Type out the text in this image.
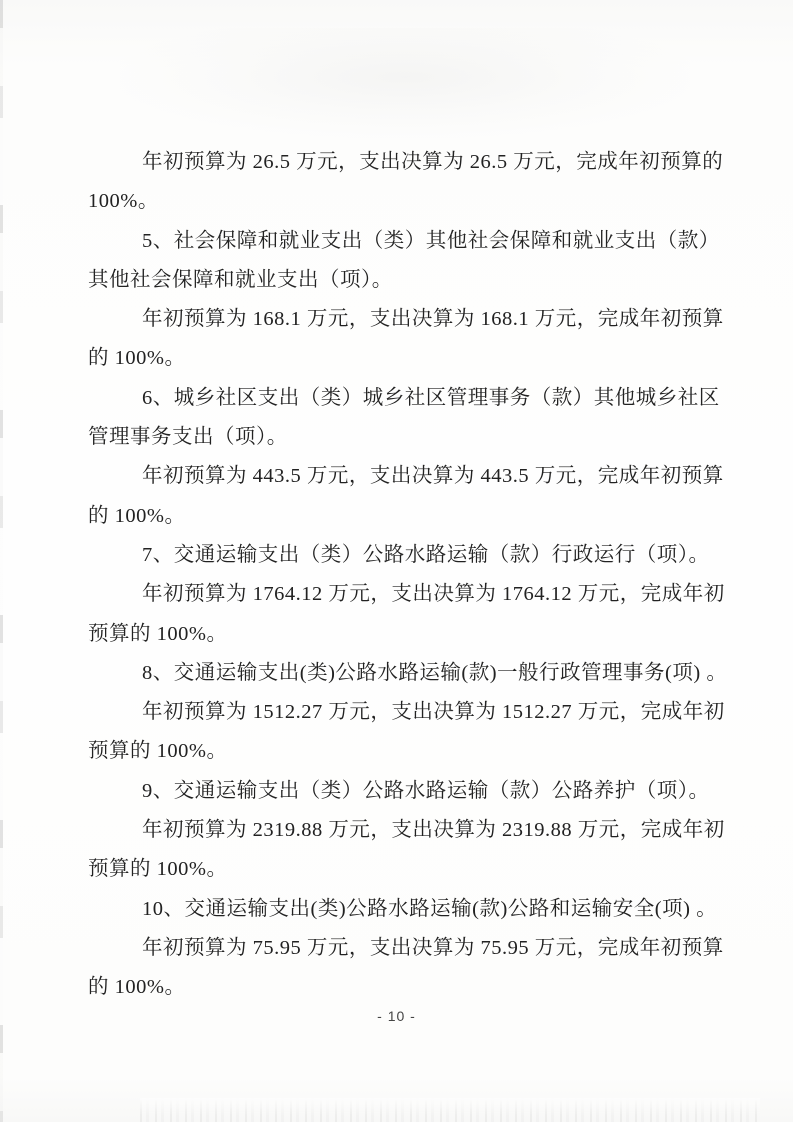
年初预算为 26.5 万元，支出决算为 26.5 万元，完成年初预算的
100%。
5、社会保障和就业支出（类）其他社会保障和就业支出（款）
其他社会保障和就业支出（项）。
年初预算为 168.1 万元，支出决算为 168.1 万元，完成年初预算
的 100%。
6、城乡社区支出（类）城乡社区管理事务（款）其他城乡社区
管理事务支出（项）。
年初预算为 443.5 万元，支出决算为 443.5 万元，完成年初预算
的 100%。
7、交通运输支出（类）公路水路运输（款）行政运行（项）。
年初预算为 1764.12 万元，支出决算为 1764.12 万元，完成年初
预算的 100%。
8、交通运输支出(类)公路水路运输(款)一般行政管理事务(项) 。
年初预算为 1512.27 万元，支出决算为 1512.27 万元，完成年初
预算的 100%。
9、交通运输支出（类）公路水路运输（款）公路养护（项）。
年初预算为 2319.88 万元，支出决算为 2319.88 万元，完成年初
预算的 100%。
10、交通运输支出(类)公路水路运输(款)公路和运输安全(项) 。
年初预算为 75.95 万元，支出决算为 75.95 万元，完成年初预算
的 100%。
- 10 -
